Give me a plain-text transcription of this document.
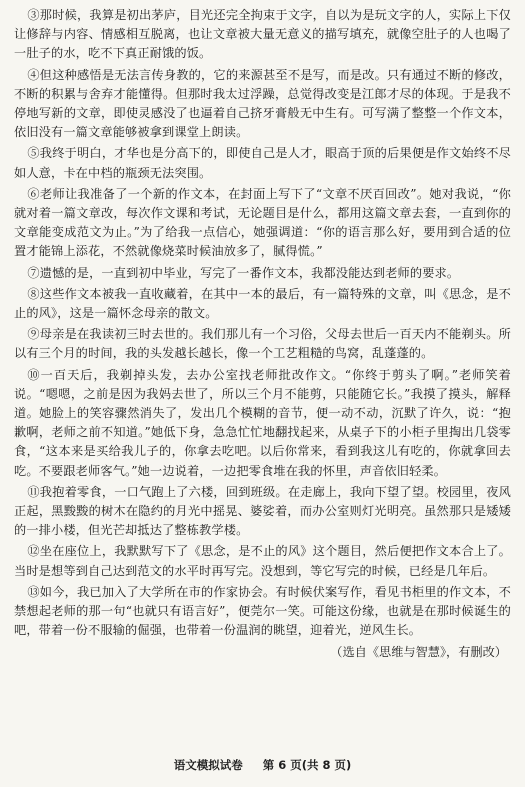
③那时候，我算是初出茅庐，目光还完全拘束于文字，自以为是玩文字的人，实际上下仅让修辞与内容、情感相互脱离，也让文章被大量无意义的描写填充，就像空肚子的人也喝了一肚子的水，吃不下真正耐饿的饭。

④但这种感悟是无法言传身教的，它的来源甚至不是写，而是改。只有通过不断的修改，不断的积累与舍弃才能懂得。但那时我太过浮躁，总觉得改变是江郎才尽的体现。于是我不停地写新的文章，即使灵感没了也逼着自己挤牙膏般无中生有。可写满了整整一个作文本，依旧没有一篇文章能够被拿到课堂上朗读。

⑤我终于明白，才华也是分高下的，即使自己是人才，眼高于顶的后果便是作文始终不尽如人意，卡在中档的瓶颈无法突围。

⑥老师让我准备了一个新的作文本，在封面上写下了“文章不厌百回改”。她对我说，“你就对着一篇文章改，每次作文课和考试，无论题目是什么，都用这篇文章去套，一直到你的文章能变成范文为止。”为了给我一点信心，她强调道：“你的语言那么好，要用到合适的位置才能锦上添花，不然就像烧菜时候油放多了，腻得慌。”

⑦遗憾的是，一直到初中毕业，写完了一番作文本，我都没能达到老师的要求。

⑧这些作文本被我一直收藏着，在其中一本的最后，有一篇特殊的文章，叫《思念，是不止的风》，这是一篇怀念母亲的散文。

⑨母亲是在我读初三时去世的。我们那儿有一个习俗，父母去世后一百天内不能剃头。所以有三个月的时间，我的头发越长越长，像一个工艺粗糙的鸟窝，乱蓬蓬的。

⑩一百天后，我剃掉头发，去办公室找老师批改作文。“你终于剪头了啊。”老师笑着说。“嗯嗯，之前是因为我妈去世了，所以三个月不能剪，只能随它长。”我摸了摸头，解释道。她脸上的笑容骤然消失了，发出几个模糊的音节，便一动不动，沉默了许久，说：“抱歉啊，老师之前不知道。”她低下身，急急忙忙地翻找起来，从桌子下的小柜子里掏出几袋零食，“这本来是买给我儿子的，你拿去吃吧。以后你常来，看到我这儿有吃的，你就拿回去吃。不要跟老师客气。”她一边说着，一边把零食堆在我的怀里，声音依旧轻柔。

⑪我抱着零食，一口气跑上了六楼，回到班级。在走廊上，我向下望了望。校园里，夜风正起，黑黢黢的树木在隐约的月光中摇晃、婆娑着，而办公室则灯光明亮。虽然那只是矮矮的一排小楼，但光芒却抵达了整栋教学楼。

⑫坐在座位上，我默默写下了《思念，是不止的风》这个题目，然后便把作文本合上了。当时是想等到自己达到范文的水平时再写完。没想到，等它写完的时候，已经是几年后。

⑬如今，我已加入了大学所在市的作家协会。有时候伏案写作，看见书柜里的作文本，不禁想起老师的那一句“也就只有语言好”，便莞尔一笑。可能这份缘，也就是在那时候诞生的吧，带着一份不服输的倔强，也带着一份温润的眺望，迎着光，逆风生长。

（选自《思维与智慧》，有删改）
语文模拟试卷 第 6 页(共 8 页)
